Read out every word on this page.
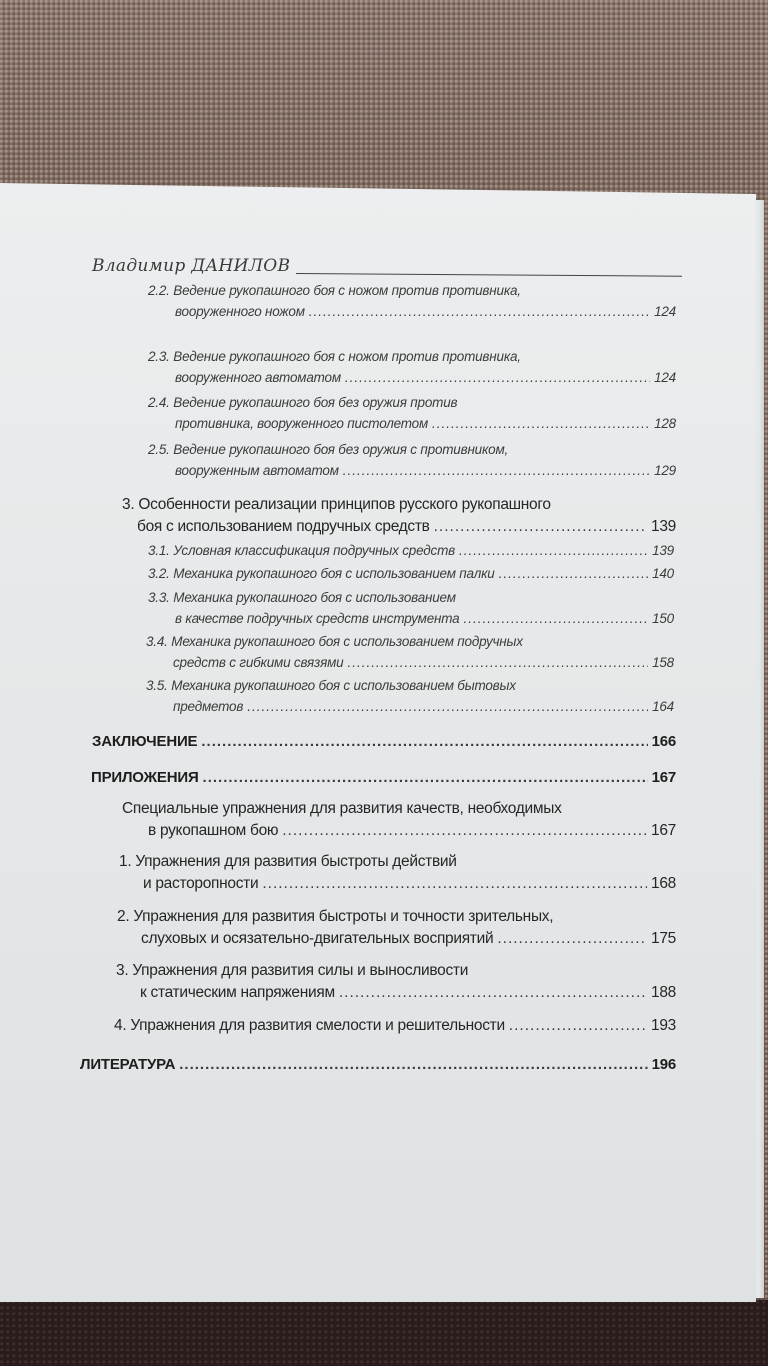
Владимир ДАНИЛОВ
2.2. Ведение рукопашного боя с ножом против противника,
вооруженного ножом .....	124
2.3. Ведение рукопашного боя с ножом против противника,
вооруженного автоматом .....	124
2.4. Ведение рукопашного боя без оружия против
противника, вооруженного пистолетом .....	128
2.5. Ведение рукопашного боя без оружия с противником,
вооруженным автоматом .....	129
3. Особенности реализации принципов русского рукопашного
боя с использованием подручных средств .....	139
3.1. Условная классификация подручных средств .....	139
3.2. Механика рукопашного боя с использованием палки .....	140
3.3. Механика рукопашного боя с использованием
в качестве подручных средств инструмента .....	150
3.4. Механика рукопашного боя с использованием подручных
средств с гибкими связями .....	158
3.5. Механика рукопашного боя с использованием бытовых
предметов .....	164
ЗАКЛЮЧЕНИЕ .....	166
ПРИЛОЖЕНИЯ .....	167
Специальные упражнения для развития качеств, необходимых
в рукопашном бою .....	167
1. Упражнения для развития быстроты действий
и расторопности .....	168
2. Упражнения для развития быстроты и точности зрительных,
слуховых и осязательно-двигательных восприятий .....	175
3. Упражнения для развития силы и выносливости
к статическим напряжениям .....	188
4. Упражнения для развития смелости и решительности .....	193
ЛИТЕРАТУРА .....	196
